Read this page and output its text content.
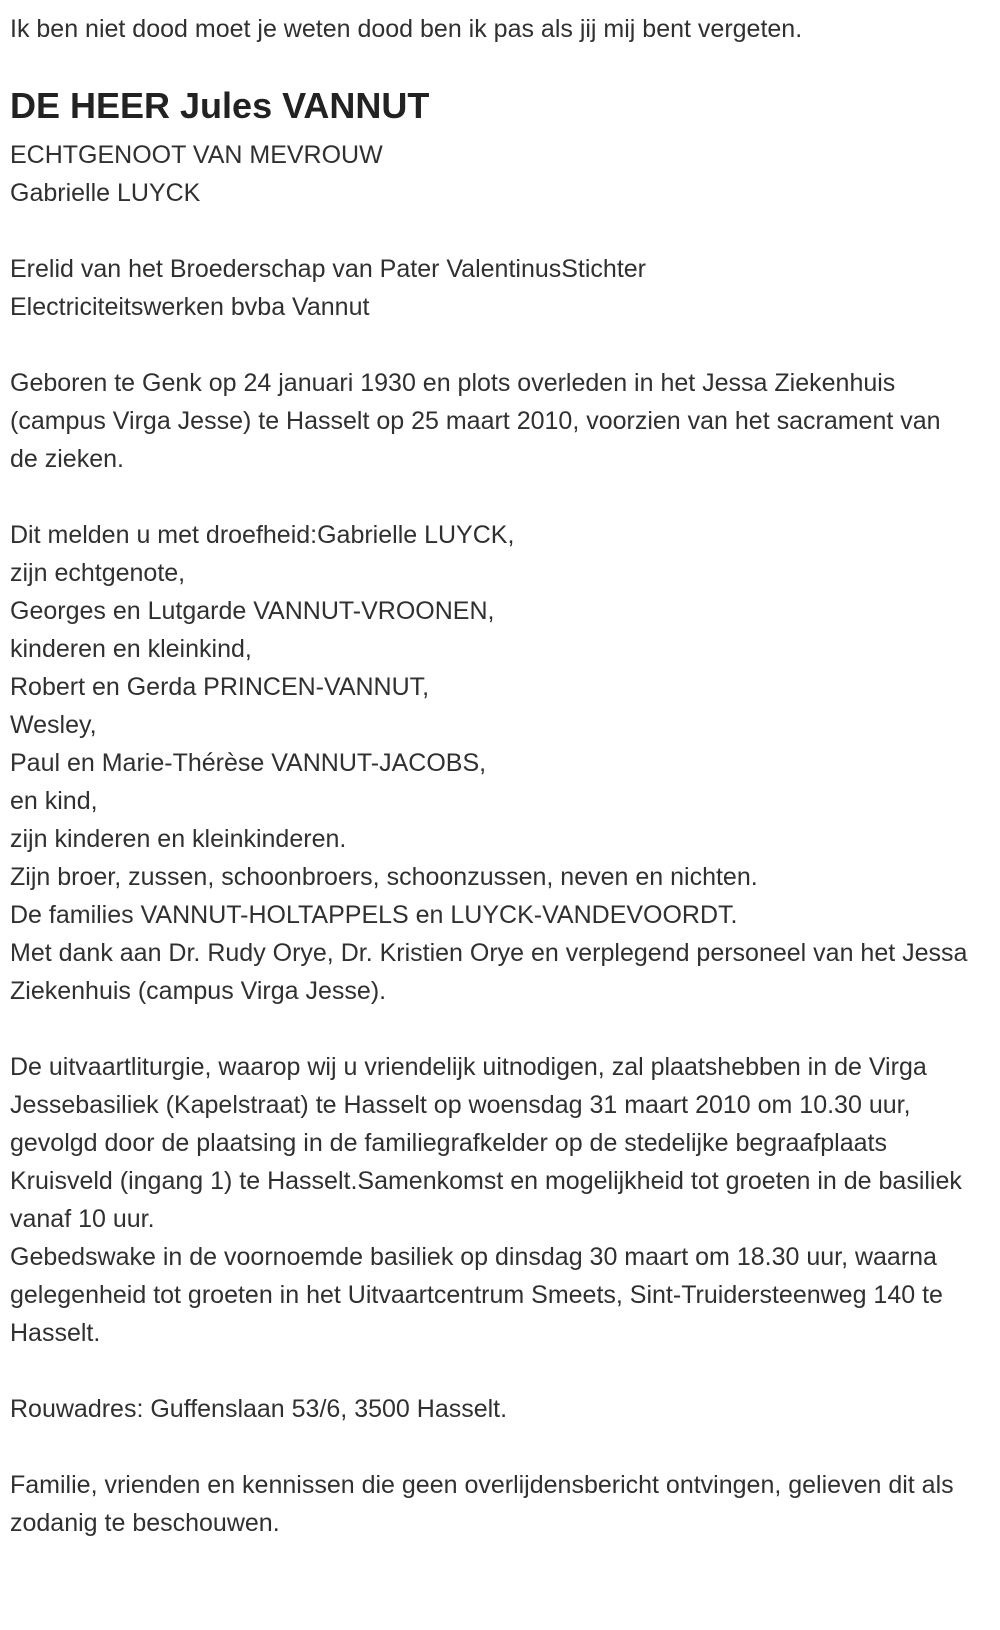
Ik ben niet dood moet je weten dood ben ik pas als jij mij bent vergeten.

DE HEER Jules VANNUT
ECHTGENOOT VAN MEVROUW
Gabrielle LUYCK
Erelid van het Broederschap van Pater ValentinusStichter
Electriciteitswerken bvba Vannut

Geboren te Genk op 24 januari 1930 en plots overleden in het Jessa Ziekenhuis (campus Virga Jesse) te Hasselt op 25 maart 2010, voorzien van het sacrament van de zieken.

Dit melden u met droefheid:Gabrielle LUYCK,
zijn echtgenote,
Georges en Lutgarde VANNUT-VROONEN,
kinderen en kleinkind,
Robert en Gerda PRINCEN-VANNUT,
Wesley,
Paul en Marie-Thérèse VANNUT-JACOBS,
en kind,
zijn kinderen en kleinkinderen.
Zijn broer, zussen, schoonbroers, schoonzussen, neven en nichten.
De families VANNUT-HOLTAPPELS en LUYCK-VANDEVOORDT.
Met dank aan Dr. Rudy Orye, Dr. Kristien Orye en verplegend personeel van het Jessa Ziekenhuis (campus Virga Jesse).
De uitvaartliturgie, waarop wij u vriendelijk uitnodigen, zal plaatshebben in de Virga Jessebasiliek (Kapelstraat) te Hasselt op woensdag 31 maart 2010 om 10.30 uur, gevolgd door de plaatsing in de familiegrafkelder op de stedelijke begraafplaats Kruisveld (ingang 1) te Hasselt.Samenkomst en mogelijkheid tot groeten in de basiliek vanaf 10 uur.
Gebedswake in de voornoemde basiliek op dinsdag 30 maart om 18.30 uur, waarna gelegenheid tot groeten in het Uitvaartcentrum Smeets, Sint-Truidersteenweg 140 te Hasselt.

Rouwadres: Guffenslaan 53/6, 3500 Hasselt.

Familie, vrienden en kennissen die geen overlijdensbericht ontvingen, gelieven dit als zodanig te beschouwen.
